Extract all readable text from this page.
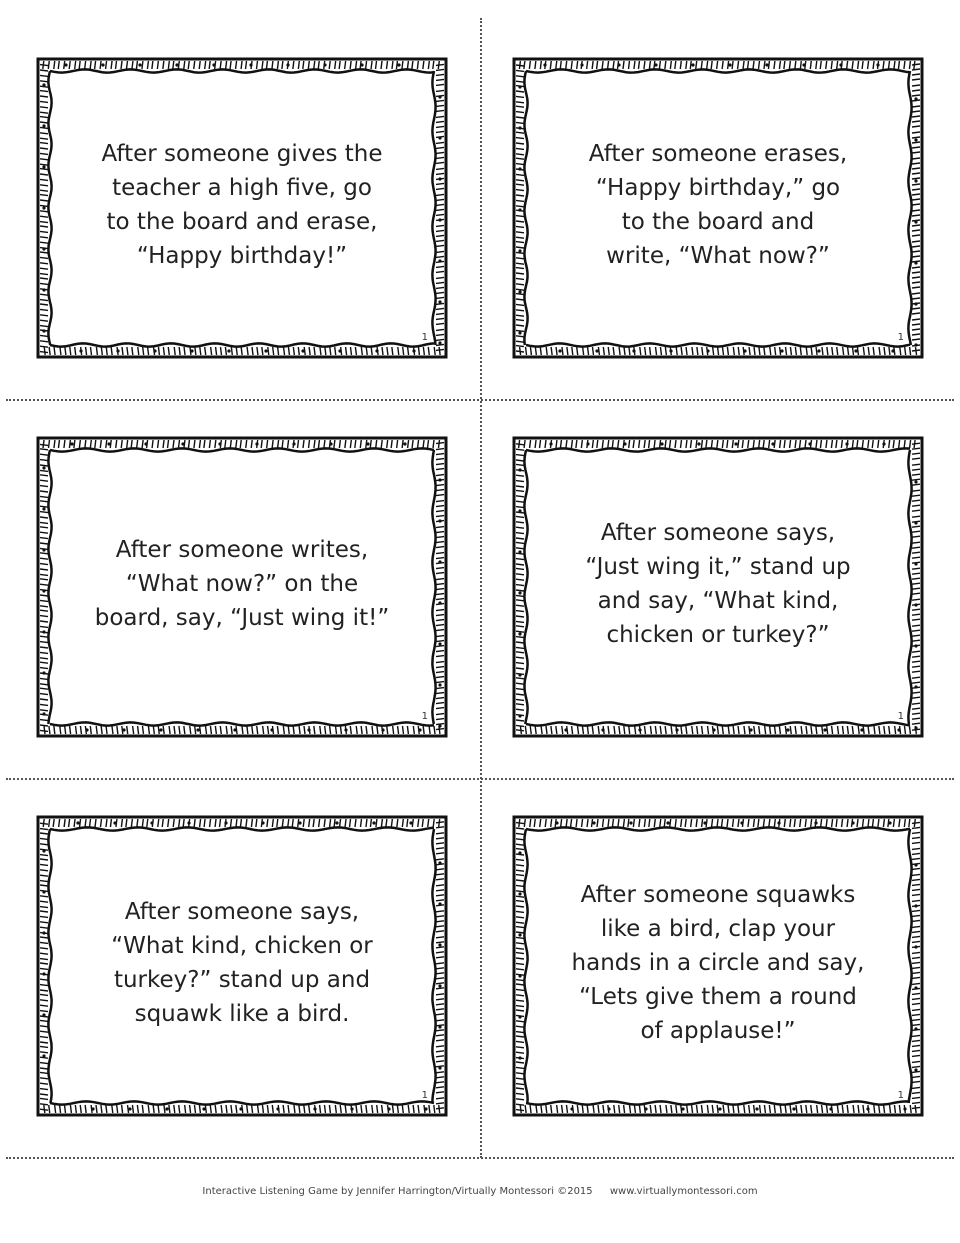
After someone gives the
teacher a high five, go
to the board and erase,
“Happy birthday!”
1
After someone erases,
“Happy birthday,” go
to the board and
write, “What now?”
1
After someone writes,
“What now?” on the
board, say, “Just wing it!”
1
After someone says,
“Just wing it,” stand up
and say, “What kind,
chicken or turkey?”
1
After someone says,
“What kind, chicken or
turkey?” stand up and
squawk like a bird.
1
After someone squawks
like a bird, clap your
hands in a circle and say,
“Lets give them a round
of applause!”
1
Interactive Listening Game by Jennifer Harrington/Virtually Montessori ©2015 www.virtuallymontessori.com
